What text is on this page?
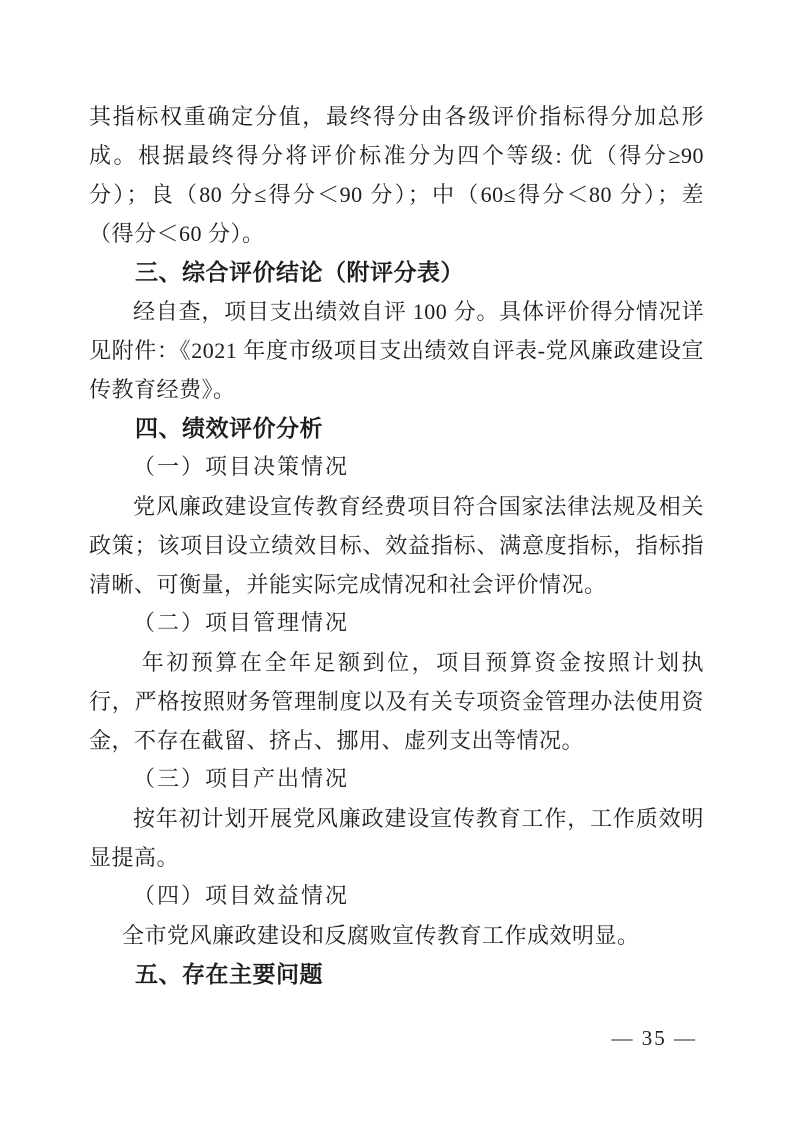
其指标权重确定分值，最终得分由各级评价指标得分加总形成。根据最终得分将评价标准分为四个等级: 优（得分≥90 分）；良（80 分≤得分＜90 分）；中（60≤得分＜80 分）；差（得分＜60 分）。

三、综合评价结论（附评分表）

经自查，项目支出绩效自评 100 分。具体评价得分情况详见附件：《2021 年度市级项目支出绩效自评表-党风廉政建设宣传教育经费》。

四、绩效评价分析
（一）项目决策情况

党风廉政建设宣传教育经费项目符合国家法律法规及相关政策；该项目设立绩效目标、效益指标、满意度指标，指标指清晰、可衡量，并能实际完成情况和社会评价情况。

（二）项目管理情况

年初预算在全年足额到位，项目预算资金按照计划执行，严格按照财务管理制度以及有关专项资金管理办法使用资金，不存在截留、挤占、挪用、虚列支出等情况。

（三）项目产出情况

按年初计划开展党风廉政建设宣传教育工作，工作质效明显提高。

（四）项目效益情况

全市党风廉政建设和反腐败宣传教育工作成效明显。

五、存在主要问题
— 35 —
